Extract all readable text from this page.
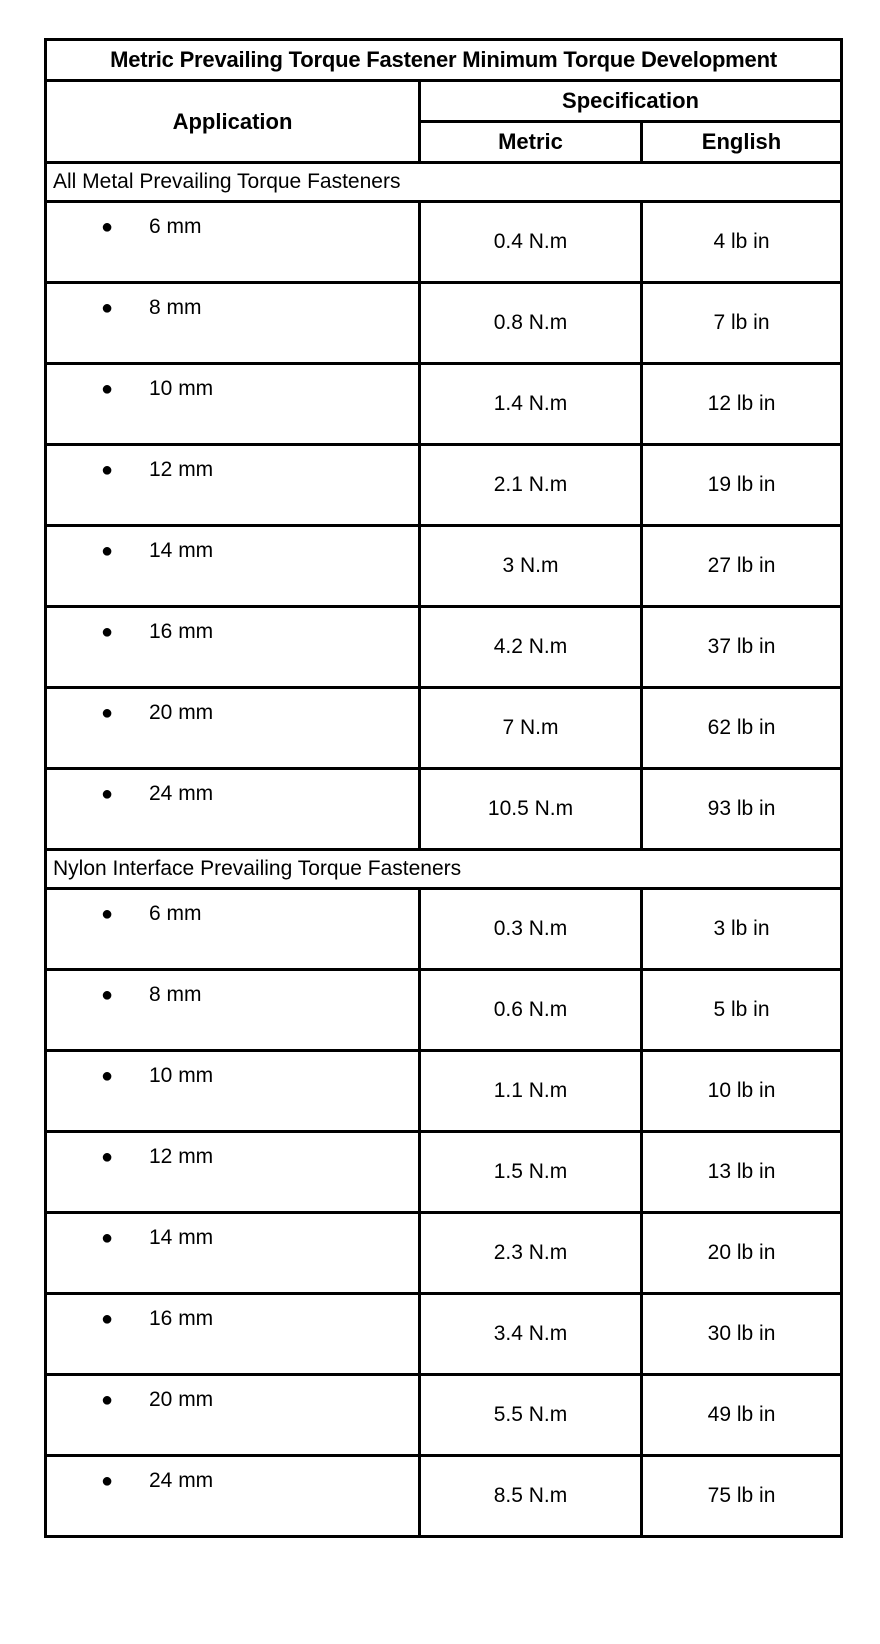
Metric Prevailing Torque Fastener Minimum Torque Development		
Application	Specification	
	Metric	English
All Metal Prevailing Torque Fasteners		

● 6 mm	0.4 N.m	4 lb in

● 8 mm	0.8 N.m	7 lb in

● 10 mm	1.4 N.m	12 lb in

● 12 mm	2.1 N.m	19 lb in

● 14 mm	3 N.m	27 lb in

● 16 mm	4.2 N.m	37 lb in

● 20 mm	7 N.m	62 lb in

● 24 mm	10.5 N.m	93 lb in
Nylon Interface Prevailing Torque Fasteners		

● 6 mm	0.3 N.m	3 lb in

● 8 mm	0.6 N.m	5 lb in

● 10 mm	1.1 N.m	10 lb in

● 12 mm	1.5 N.m	13 lb in

● 14 mm	2.3 N.m	20 lb in

● 16 mm	3.4 N.m	30 lb in

● 20 mm	5.5 N.m	49 lb in

● 24 mm	8.5 N.m	75 lb in
